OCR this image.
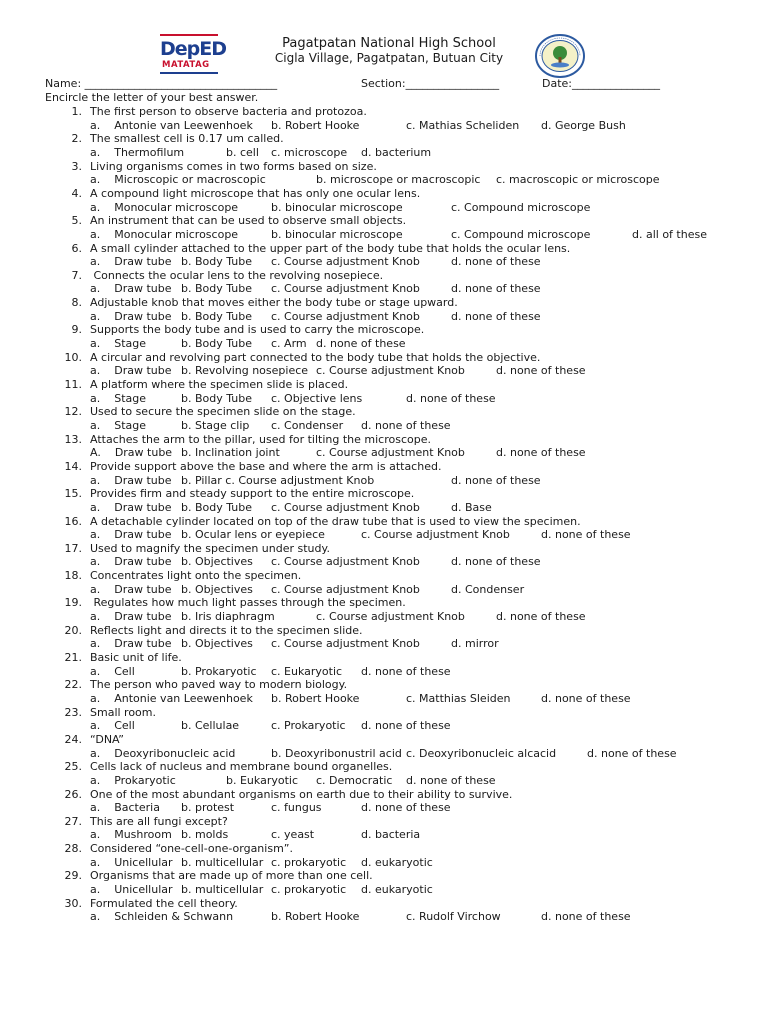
DepED
MATATAG
Pagatpatan National High School
Cigla Village, Pagatpatan, Butuan City
Name: ___________________________________	Section:_________________	Date:________________
Encircle the letter of your best answer.
1. The first person to observe bacteria and protozoa.
a.    Antonie van Leewenhoek b. Robert Hooke	c. Mathias Scheliden d. George Bush
2. The smallest cell is 0.17 um called.
a.    Thermofilum	b. cell c. microscope d. bacterium
3. Living organisms comes in two forms based on size.
a.    Microscopic or macroscopic	b. microscope or macroscopic c. macroscopic or microscope
4. A compound light microscope that has only one ocular lens.
a.    Monocular microscope	b. binocular microscope	c. Compound microscope
5. An instrument that can be used to observe small objects.
a.    Monocular microscope	b. binocular microscope	c. Compound microscope	d. all of these
6. A small cylinder attached to the upper part of the body tube that holds the ocular lens.
a.    Draw tube b. Body Tube c. Course adjustment Knob	d. none of these
7. Connects the ocular lens to the revolving nosepiece.
a.    Draw tube b. Body Tube c. Course adjustment Knob	d. none of these
8. Adjustable knob that moves either the body tube or stage upward.
a.    Draw tube b. Body Tube c. Course adjustment Knob	d. none of these
9. Supports the body tube and is used to carry the microscope.
a.    Stage	b. Body Tube c. Arm d. none of these
10. A circular and revolving part connected to the body tube that holds the objective.
a.    Draw tube b. Revolving nosepiece c. Course adjustment Knob	d. none of these
11. A platform where the specimen slide is placed.
a.    Stage	b. Body Tube c. Objective lens	d. none of these
12. Used to secure the specimen slide on the stage.
a.    Stage	b. Stage clip c. Condenser d. none of these
13. Attaches the arm to the pillar, used for tilting the microscope.
A.    Draw tube b. Inclination joint	c. Course adjustment Knob	d. none of these
14. Provide support above the base and where the arm is attached.
a.    Draw tube b. Pillar c. Course adjustment Knob	d. none of these
15. Provides firm and steady support to the entire microscope.
a.    Draw tube b. Body Tube c. Course adjustment Knob	d. Base
16. A detachable cylinder located on top of the draw tube that is used to view the specimen.
a.    Draw tube b. Ocular lens or eyepiece	c. Course adjustment Knob	d. none of these
17. Used to magnify the specimen under study.
a.    Draw tube b. Objectives c. Course adjustment Knob	d. none of these
18. Concentrates light onto the specimen.
a.    Draw tube b. Objectives c. Course adjustment Knob	d. Condenser
19. Regulates how much light passes through the specimen.
a.    Draw tube b. Iris diaphragm	c. Course adjustment Knob	d. none of these
20. Reflects light and directs it to the specimen slide.
a.    Draw tube b. Objectives c. Course adjustment Knob	d. mirror
21. Basic unit of life.
a.    Cell	b. Prokaryotic c. Eukaryotic d. none of these
22. The person who paved way to modern biology.
a.    Antonie van Leewenhoek b. Robert Hooke	c. Matthias Sleiden	d. none of these
23. Small room.
a.    Cell	b. Cellulae	c. Prokaryotic d. none of these
24. “DNA”
a.    Deoxyribonucleic acid	b. Deoxyribonustril acid c. Deoxyribonucleic alcacid	d. none of these
25. Cells lack of nucleus and membrane bound organelles.
a.    Prokaryotic	b. Eukaryotic c. Democratic d. none of these
26. One of the most abundant organisms on earth due to their ability to survive.
a.    Bacteria b. protest	c. fungus	d. none of these
27. This are all fungi except?
a.    Mushroom b. molds	c. yeast	d. bacteria
28. Considered “one-cell-one-organism”.
a.    Unicellular b. multicellular c. prokaryotic d. eukaryotic
29. Organisms that are made up of more than one cell.
a.    Unicellular b. multicellular c. prokaryotic d. eukaryotic
30. Formulated the cell theory.
a.    Schleiden & Schwann	b. Robert Hooke	c. Rudolf Virchow	d. none of these
